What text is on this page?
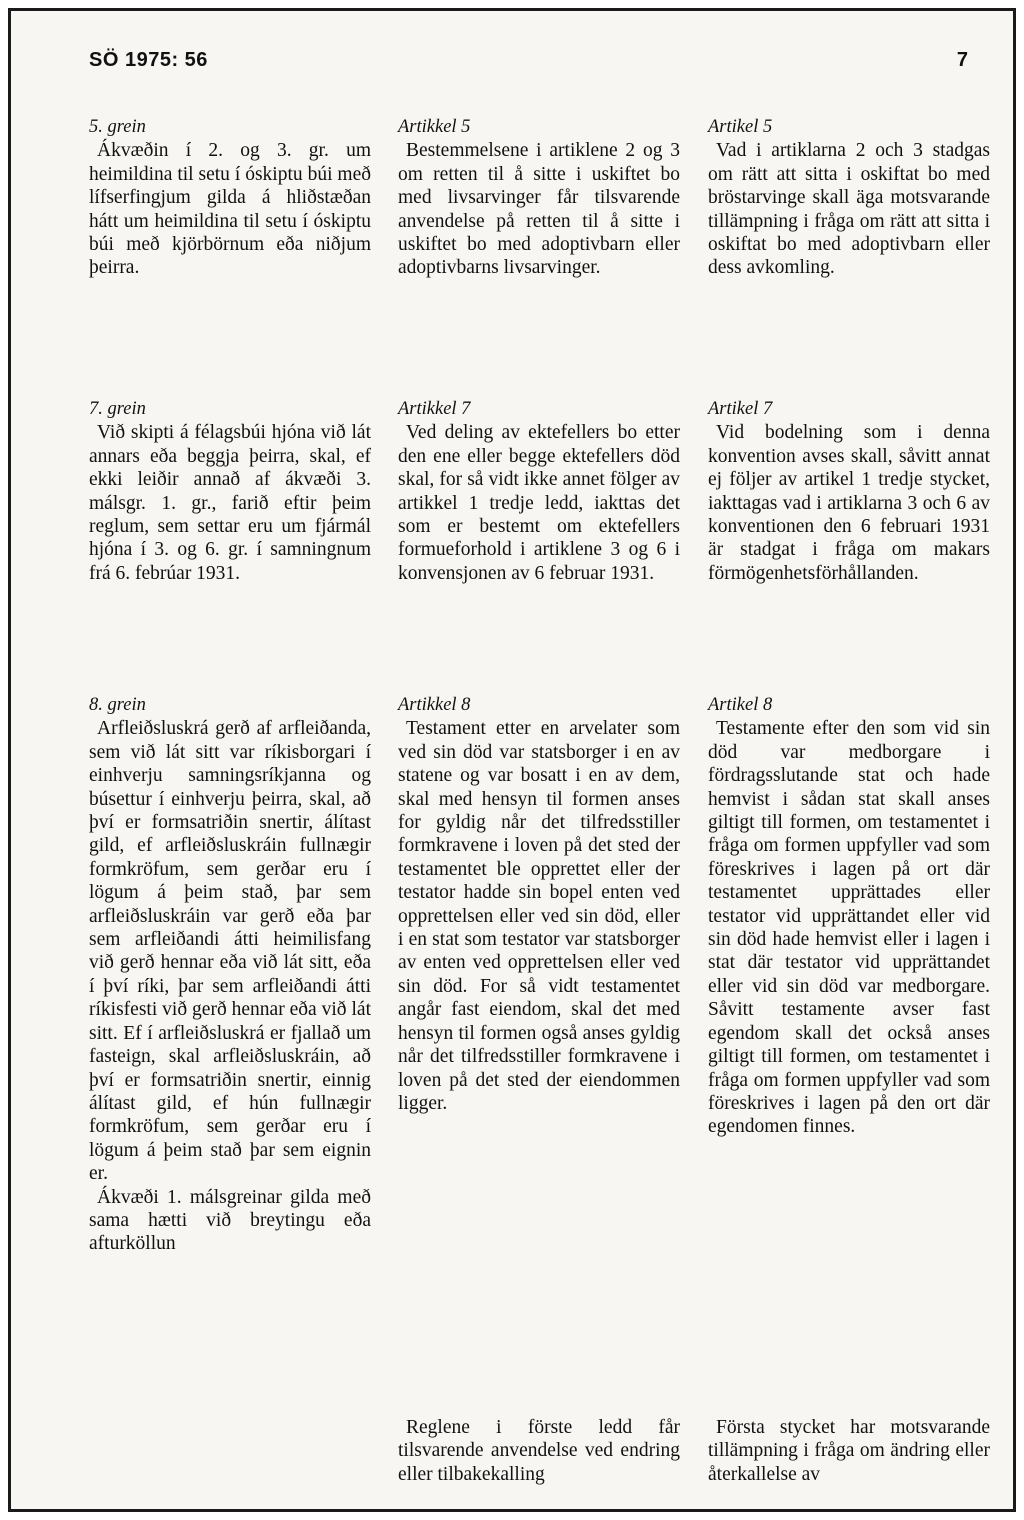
SÖ 1975: 56	7

5. grein

Ákvæðin í 2. og 3. gr. um heimildina til setu í óskiptu búi með lífserfingjum gilda á hliðstæðan hátt um heimildina til setu í óskiptu búi með kjörbörnum eða niðjum þeirra.

7. grein

Við skipti á félagsbúi hjóna við lát annars eða beggja þeirra, skal, ef ekki leiðir annað af ákvæði 3. málsgr. 1. gr., farið eftir þeim reglum, sem settar eru um fjármál hjóna í 3. og 6. gr. í samningnum frá 6. febrúar 1931.

8. grein

Arfleiðsluskrá gerð af arfleiðanda, sem við lát sitt var ríkisborgari í einhverju samningsríkjanna og búsettur í einhverju þeirra, skal, að því er formsatriðin snertir, álítast gild, ef arfleiðsluskráin fullnægir formkröfum, sem gerðar eru í lögum á þeim stað, þar sem arfleiðsluskráin var gerð eða þar sem arfleiðandi átti heimilisfang við gerð hennar eða við lát sitt, eða í því ríki, þar sem arfleiðandi átti ríkisfesti við gerð hennar eða við lát sitt. Ef í arfleiðsluskrá er fjallað um fasteign, skal arfleiðsluskráin, að því er formsatriðin snertir, einnig álítast gild, ef hún fullnægir formkröfum, sem gerðar eru í lögum á þeim stað þar sem eignin er.

Ákvæði 1. málsgreinar gilda með sama hætti við breytingu eða afturköllun

Artikkel 5

Bestemmelsene i artiklene 2 og 3 om retten til å sitte i uskiftet bo med livsarvinger får tilsvarende anvendelse på retten til å sitte i uskiftet bo med adoptivbarn eller adoptivbarns livsarvinger.

Artikkel 7

Ved deling av ektefellers bo etter den ene eller begge ektefellers död skal, for så vidt ikke annet fölger av artikkel 1 tredje ledd, iakttas det som er bestemt om ektefellers formueforhold i artiklene 3 og 6 i konvensjonen av 6 februar 1931.

Artikkel 8

Testament etter en arvelater som ved sin död var statsborger i en av statene og var bosatt i en av dem, skal med hensyn til formen anses for gyldig når det tilfredsstiller formkravene i loven på det sted der testamentet ble opprettet eller der testator hadde sin bopel enten ved opprettelsen eller ved sin död, eller i en stat som testator var statsborger av enten ved opprettelsen eller ved sin död. For så vidt testamentet angår fast eiendom, skal det med hensyn til formen også anses gyldig når det tilfredsstiller formkravene i loven på det sted der eiendommen ligger.

Reglene i förste ledd får tilsvarende anvendelse ved endring eller tilbakekalling

Artikel 5

Vad i artiklarna 2 och 3 stadgas om rätt att sitta i oskiftat bo med bröstarvinge skall äga motsvarande tillämpning i fråga om rätt att sitta i oskiftat bo med adoptivbarn eller dess avkomling.

Artikel 7

Vid bodelning som i denna konvention avses skall, såvitt annat ej följer av artikel 1 tredje stycket, iakttagas vad i artiklarna 3 och 6 av konventionen den 6 februari 1931 är stadgat i fråga om makars förmögenhetsförhållanden.

Artikel 8

Testamente efter den som vid sin död var medborgare i fördragsslutande stat och hade hemvist i sådan stat skall anses giltigt till formen, om testamentet i fråga om formen uppfyller vad som föreskrives i lagen på ort där testamentet upprättades eller testator vid upprättandet eller vid sin död hade hemvist eller i lagen i stat där testator vid upprättandet eller vid sin död var medborgare. Såvitt testamente avser fast egendom skall det också anses giltigt till formen, om testamentet i fråga om formen uppfyller vad som föreskrives i lagen på den ort där egendomen finnes.

Första stycket har motsvarande tillämpning i fråga om ändring eller återkallelse av
